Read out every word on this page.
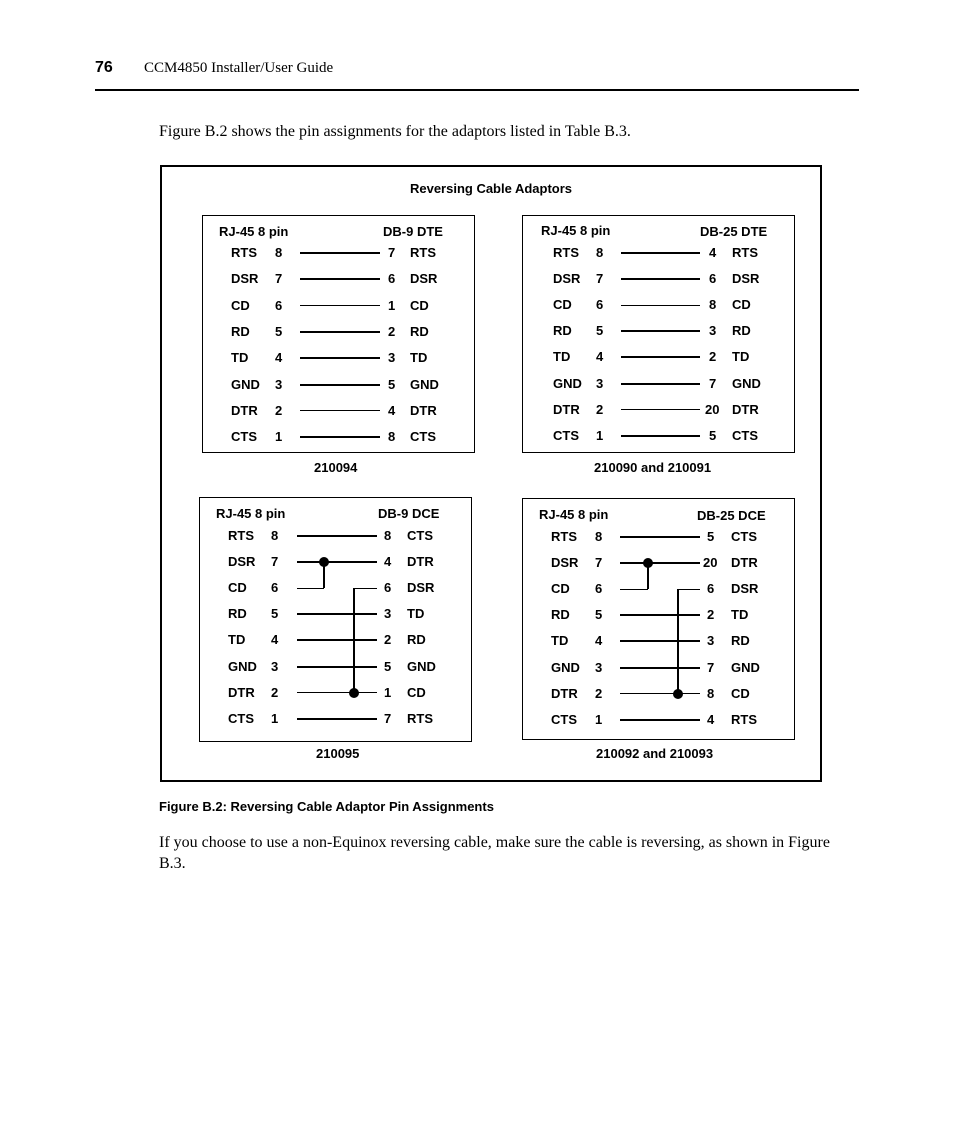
76 CCM4850 Installer/User Guide
Figure B.2 shows the pin assignments for the adaptors listed in Table B.3.
Reversing Cable Adaptors
RJ-45 8 pin	DB-9 DTE
RTS 8	7 RTS
DSR 7	6 DSR
CD 6	1 CD
RD 5	2 RD
TD 4	3 TD
GND 3	5 GND
DTR 2	4 DTR
CTS 1	8 CTS
210094
RJ-45 8 pin	DB-25 DTE
RTS 8	4 RTS
DSR 7	6 DSR
CD 6	8 CD
RD 5	3 RD
TD 4	2 TD
GND 3	7 GND
DTR 2	20 DTR
CTS 1	5 CTS
210090 and 210091
RJ-45 8 pin	DB-9 DCE
RTS 8	8 CTS
DSR 7	4 DTR
CD 6	6 DSR
RD 5	3 TD
TD 4	2 RD
GND 3	5 GND
DTR 2	1 CD
CTS 1	7 RTS
210095
RJ-45 8 pin	DB-25 DCE
RTS 8	5 CTS
DSR 7	20 DTR
CD 6	6 DSR
RD 5	2 TD
TD 4	3 RD
GND 3	7 GND
DTR 2	8 CD
CTS 1	4 RTS
210092 and 210093
Figure B.2: Reversing Cable Adaptor Pin Assignments
If you choose to use a non-Equinox reversing cable, make sure the cable is reversing, as shown in Figure B.3.
